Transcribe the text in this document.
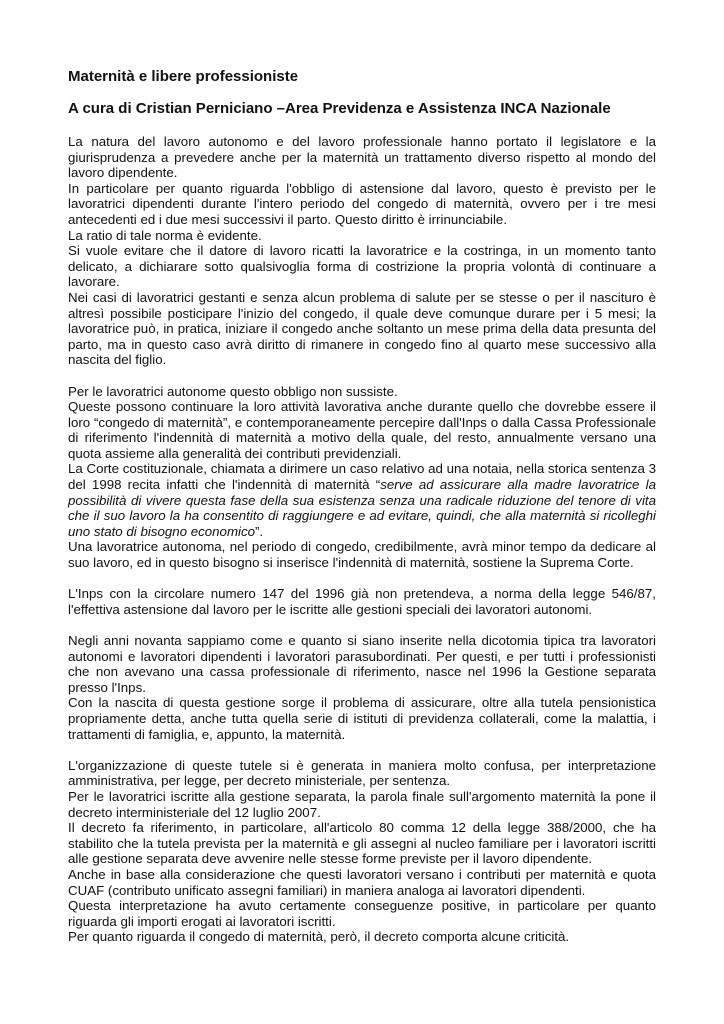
Maternità e libere professioniste
A cura di Cristian Perniciano –Area Previdenza e Assistenza INCA Nazionale

La natura del lavoro autonomo e del lavoro professionale hanno portato il legislatore e la giurisprudenza a prevedere anche per la maternità un trattamento diverso rispetto al mondo del lavoro dipendente.

In particolare per quanto riguarda l'obbligo di astensione dal lavoro, questo è previsto per le lavoratrici dipendenti durante l'intero periodo del congedo di maternità, ovvero per i tre mesi antecedenti ed i due mesi successivi il parto. Questo diritto è irrinunciabile.

La ratio di tale norma è evidente.

Si vuole evitare che il datore di lavoro ricatti la lavoratrice e la costringa, in un momento tanto delicato, a dichiarare sotto qualsivoglia forma di costrizione la propria volontà di continuare a lavorare.

Nei casi di lavoratrici gestanti e senza alcun problema di salute per se stesse o per il nascituro è altresì possibile posticipare l'inizio del congedo, il quale deve comunque durare per i 5 mesi; la lavoratrice può, in pratica, iniziare il congedo anche soltanto un mese prima della data presunta del parto, ma in questo caso avrà diritto di rimanere in congedo fino al quarto mese successivo alla nascita del figlio.

Per le lavoratrici autonome questo obbligo non sussiste.

Queste possono continuare la loro attività lavorativa anche durante quello che dovrebbe essere il loro “congedo di maternità”, e contemporaneamente percepire dall'Inps o dalla Cassa Professionale di riferimento l'indennità di maternità a motivo della quale, del resto, annualmente versano una quota assieme alla generalità dei contributi previdenziali.

La Corte costituzionale, chiamata a dirimere un caso relativo ad una notaia, nella storica sentenza 3 del 1998 recita infatti che l'indennità di maternità “serve ad assicurare alla madre lavoratrice la possibilità di vivere questa fase della sua esistenza senza una radicale riduzione del tenore di vita che il suo lavoro la ha consentito di raggiungere e ad evitare, quindi, che alla maternità si ricolleghi uno stato di bisogno economico”.

Una lavoratrice autonoma, nel periodo di congedo, credibilmente, avrà minor tempo da dedicare al suo lavoro, ed in questo bisogno si inserisce l'indennità di maternità, sostiene la Suprema Corte.

L'Inps con la circolare numero 147 del 1996 già non pretendeva, a norma della legge 546/87, l'effettiva astensione dal lavoro per le iscritte alle gestioni speciali dei lavoratori autonomi.

Negli anni novanta sappiamo come e quanto si siano inserite nella dicotomia tipica tra lavoratori autonomi e lavoratori dipendenti i lavoratori parasubordinati. Per questi, e per tutti i professionisti che non avevano una cassa professionale di riferimento, nasce nel 1996 la Gestione separata presso l'Inps.

Con la nascita di questa gestione sorge il problema di assicurare, oltre alla tutela pensionistica propriamente detta, anche tutta quella serie di istituti di previdenza collaterali, come la malattia, i trattamenti di famiglia, e, appunto, la maternità.

L'organizzazione di queste tutele si è generata in maniera molto confusa, per interpretazione amministrativa, per legge, per decreto ministeriale, per sentenza.

Per le lavoratrici iscritte alla gestione separata, la parola finale sull'argomento maternità la pone il decreto interministeriale del 12 luglio 2007.

Il decreto fa riferimento, in particolare, all'articolo 80 comma 12 della legge 388/2000, che ha stabilito che la tutela prevista per la maternità e gli assegni al nucleo familiare per i lavoratori iscritti alle gestione separata deve avvenire nelle stesse forme previste per il lavoro dipendente.

Anche in base alla considerazione che questi lavoratori versano i contributi per maternità e quota CUAF (contributo unificato assegni familiari) in maniera analoga ai lavoratori dipendenti.

Questa interpretazione ha avuto certamente conseguenze positive, in particolare per quanto riguarda gli importi erogati ai lavoratori iscritti.

Per quanto riguarda il congedo di maternità, però, il decreto comporta alcune criticità.
